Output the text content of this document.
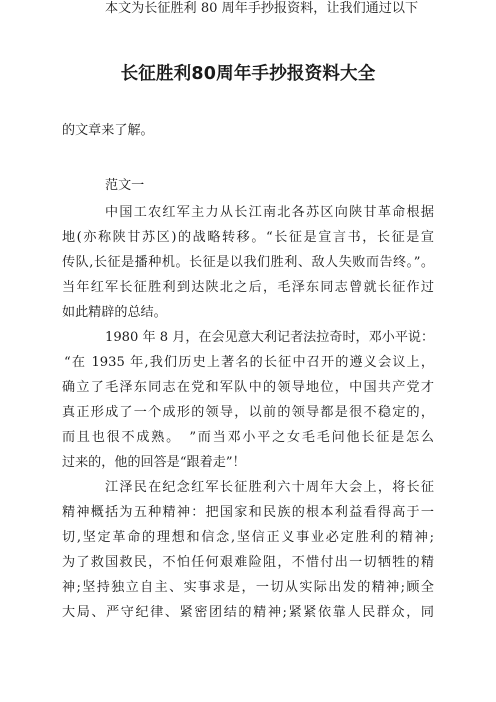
长征胜利80周年手抄报资料大全
本文为长征胜利 80 周年手抄报资料，让我们通过以下
的文章来了解。
范文一
中国工农红军主力从长江南北各苏区向陕甘革命根据
地(亦称陕甘苏区)的战略转移。“长征是宣言书，长征是宣
传队,长征是播种机。长征是以我们胜利、敌人失败而告终。”。
当年红军长征胜利到达陕北之后，毛泽东同志曾就长征作过
如此精辟的总结。
1980 年 8 月，在会见意大利记者法拉奇时，邓小平说：
“在 1935 年,我们历史上著名的长征中召开的遵义会议上，
确立了毛泽东同志在党和军队中的领导地位，中国共产党才
真正形成了一个成形的领导，以前的领导都是很不稳定的，
而且也很不成熟。　”而当邓小平之女毛毛问他长征是怎么
过来的，他的回答是“跟着走”！
江泽民在纪念红军长征胜利六十周年大会上，将长征
精神概括为五种精神：把国家和民族的根本利益看得高于一
切,坚定革命的理想和信念,坚信正义事业必定胜利的精神;
为了救国救民，不怕任何艰难险阻，不惜付出一切牺牲的精
神;坚持独立自主、实事求是，一切从实际出发的精神;顾全
大局、严守纪律、紧密团结的精神;紧紧依靠人民群众，同
